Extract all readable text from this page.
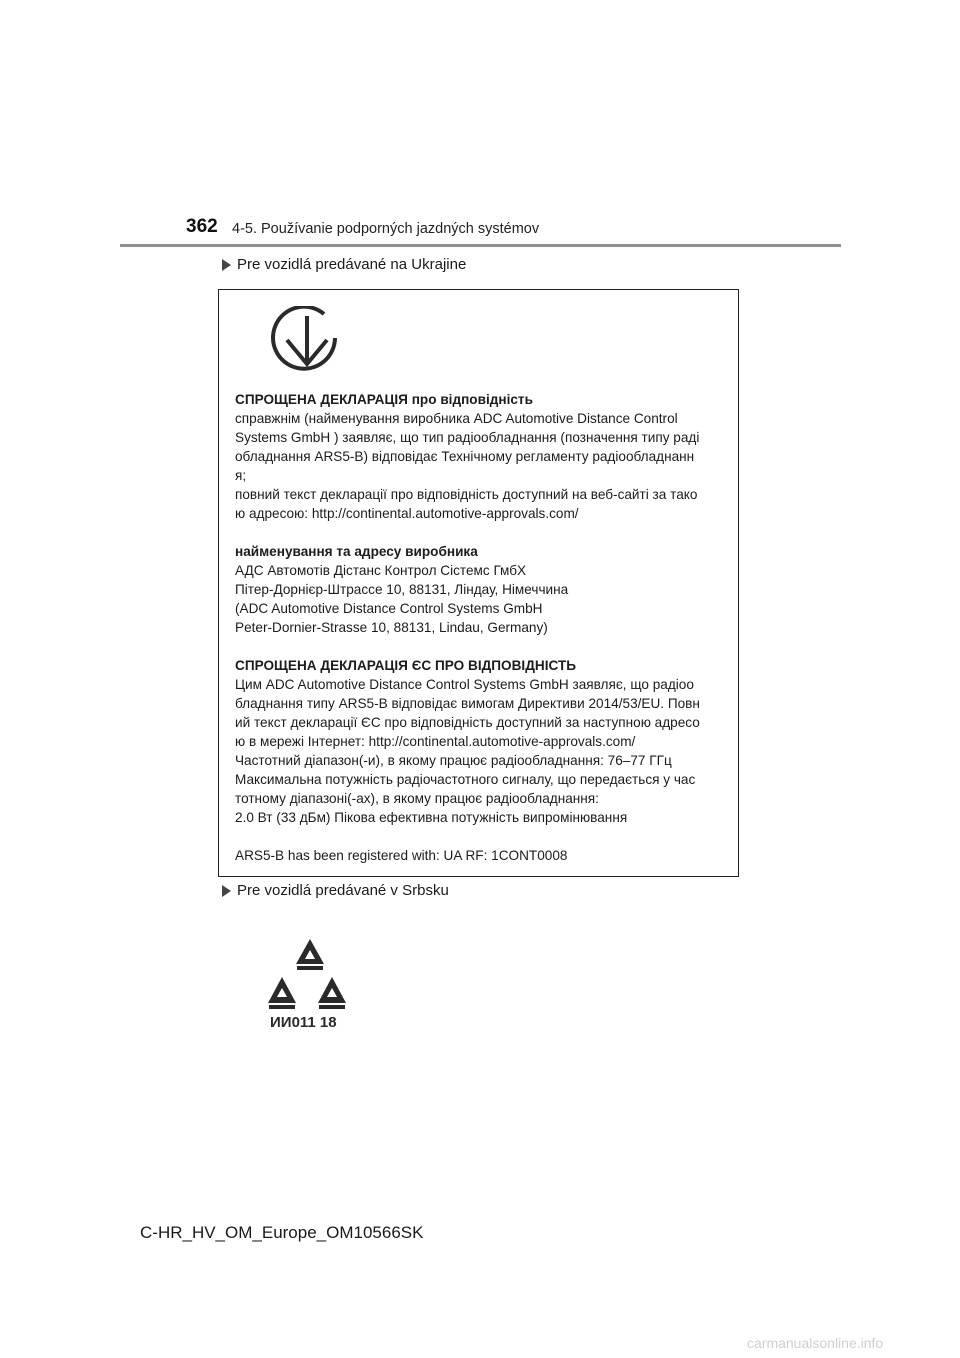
362 4-5. Používanie podporných jazdných systémov
Pre vozidlá predávané na Ukrajine
СПРОЩЕНА ДЕКЛАРАЦІЯ про відповідність
справжнім (найменування виробника ADC Automotive Distance Control
Systems GmbH ) заявляє, що тип радіообладнання (позначення типу раді
обладнання ARS5-B) відповідає Технічному регламенту радіообладнанн
я;
повний текст декларації про відповідність доступний на веб-сайті за тако
ю адресою: http://continental.automotive-approvals.com/
найменування та адресу виробника
АДС Автомотів Дістанс Контрол Сістемс ГмбХ
Пітер-Дорнієр-Штрассе 10, 88131, Ліндау, Німеччина
(ADC Automotive Distance Control Systems GmbH
Peter-Dornier-Strasse 10, 88131, Lindau, Germany)
СПРОЩЕНА ДЕКЛАРАЦІЯ ЄС ПРО ВІДПОВІДНІСТЬ
Цим ADC Automotive Distance Control Systems GmbH заявляє, що радіоо
бладнання типу ARS5-B відповідає вимогам Директиви 2014/53/EU. Повн
ий текст декларації ЄС про відповідність доступний за наступною адресо
ю в мережі Інтернет: http://continental.automotive-approvals.com/
Частотний діапазон(-и), в якому працює радіообладнання: 76–77 ГГц
Максимальна потужність радіочастотного сигналу, що передається у час
тотному діапазоні(-ах), в якому працює радіообладнання:
2.0 Вт (33 дБм) Пікова ефективна потужність випромінювання
ARS5-B has been registered with: UA RF: 1CONT0008
Pre vozidlá predávané v Srbsku
ИИ011 18
C-HR_HV_OM_Europe_OM10566SK
carmanualsonline.info
